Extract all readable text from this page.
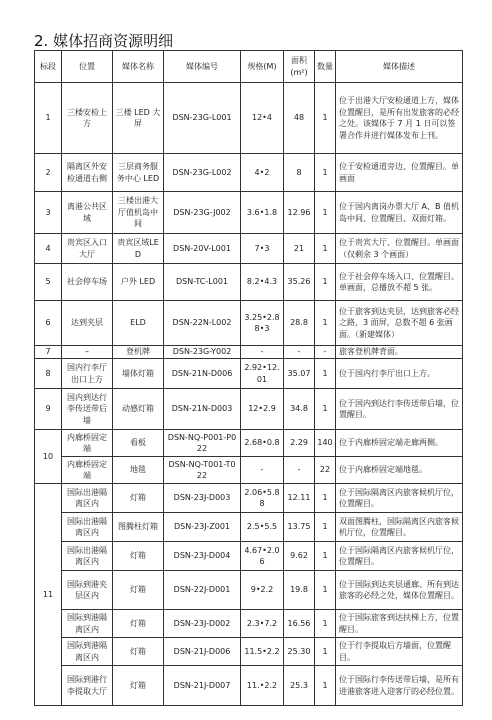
2. 媒体招商资源明细
标段	位置	媒体名称	媒体编号	规格(M)	面积(m²)	数量	媒体描述
1	三楼安检上方	三楼 LED 大屏	DSN-23G-L001	12•4	48	1	位于出港大厅安检通道上方，媒体位置醒目，是所有出发旅客的必经之处。该媒体于 7 月 1 日可以签署合作并进行媒体发布上刊。
2	隔离区外安检通道右侧	三层商务服务中心 LED	DSN-23G-L002	4•2	8	1	位于安检通道旁边、位置醒目。单画面
3	离港公共区域	三楼出港大厅值机岛中间	DSN-23G-J002	3.6•1.8	12.96	1	位于国内离岗办票大厅 A、B 值机岛中间、位置醒目、双面灯箱。
4	贵宾区入口大厅	贵宾区域LED	DSN-20V-L001	7•3	21	1	位于贵宾大厅、位置醒目。单画面（仅剩余 3 个画面）
5	社会停车场	户外 LED	DSN-TC-L001	8.2•4.3	35.26	1	位于社会停车场入口、位置醒目。单画面，总播放不超 5 张。
6	达到夹层	ELD	DSN-22N-L002	3.25•2.88•3	28.8	1	位于旅客到达夹层，达到旅客必经之路，3 面屏，总数不超 6 张画面。（新建媒体）
7	–	登机牌	DSN-23G-Y002	-	-	-	旅客登机牌背面。
8	国内行李厅出口上方	墙体灯箱	DSN-21N-D006	2.92•12.01	35.07	1	位于国内行李厅出口上方。
9	国内到达行李传送带后墙	动感灯箱	DSN-21N-D003	12•2.9	34.8	1	位于国内到达行李传送带后墙，位置醒目。
10	内廊桥固定端	看板	DSN-NQ-P001-P022	2.68•0.8	2.29	140	位于内廊桥固定端走廊两侧。
	内廊桥固定端	地毯	DSN-NQ-T001-T022	-	-	22	位于内廊桥固定端地毯。
11	国际出港隔离区内	灯箱	DSN-23J-D003	2.06•5.88	12.11	1	位于国际隔离区内旅客候机厅位，位置醒目。
	国际出港隔离区内	图腾柱灯箱	DSN-23J-Z001	2.5•5.5	13.75	1	双面图腾柱，国际隔离区内旅客候机厅位，位置醒目。
	国际出港隔离区内	灯箱	DSN-23J-D004	4.67•2.06	9.62	1	位于国际隔离区内旅客候机厅位，位置醒目。
	国际到港夹层区内	灯箱	DSN-22J-D001	9•2.2	19.8	1	位于国际到达夹层通廊、所有到达旅客的必经之处，媒体位置醒目。
	国际到港隔离区内	灯箱	DSN-23J-D002	2.3•7.2	16.56	1	位于国际旅客到达扶梯上方，位置醒目。
	国际到港隔离区内	灯箱	DSN-21J-D006	11.5•2.2	25.30	1	位于行李提取后方墙面，位置醒目。
	国际到港行李提取大厅	灯箱	DSN-21J-D007	11.•2.2	25.3	1	位于国际行李传送带后墙，是所有进港旅客进入迎客厅的必经位置。
